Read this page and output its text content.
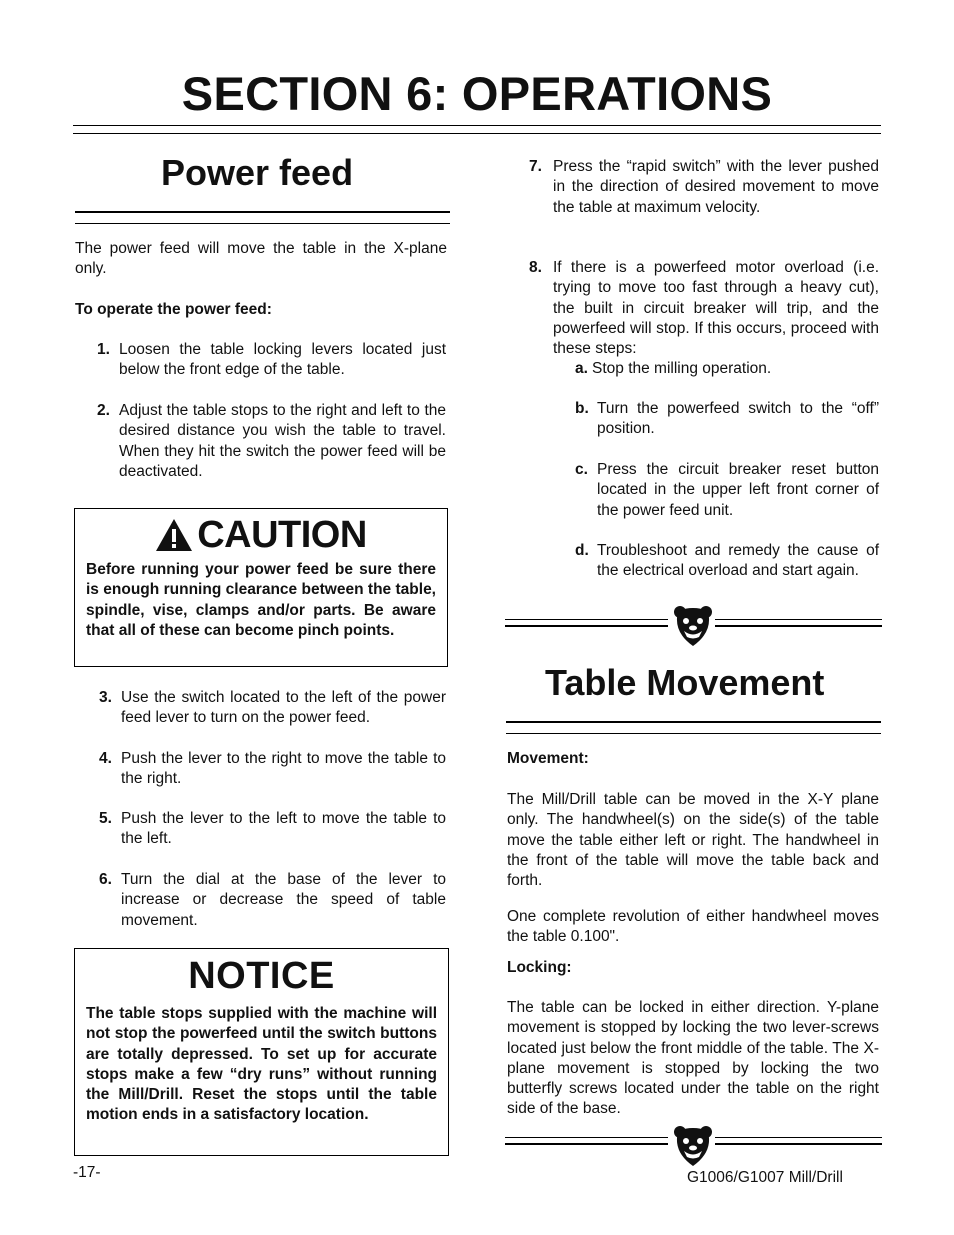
SECTION 6: OPERATIONS
Power feed

The power feed will move the table in the X-plane only.

To operate the power feed:
1. Loosen the table locking levers located just below the front edge of the table.
2. Adjust the table stops to the right and left to the desired distance you wish the table to travel. When they hit the switch the power feed will be deactivated.
CAUTION
Before running your power feed be sure there is enough running clearance between the table, spindle, vise, clamps and/or parts. Be aware that all of these can become pinch points.
3. Use the switch located to the left of the power feed lever to turn on the power feed.
4. Push the lever to the right to move the table to the right.
5. Push the lever to the left to move the table to the left.
6. Turn the dial at the base of the lever to increase or decrease the speed of table movement.
NOTICE
The table stops supplied with the machine will not stop the powerfeed until the switch buttons are totally depressed. To set up for accurate stops make a few “dry runs” without running the Mill/Drill. Reset the stops until the table motion ends in a satisfactory location.
-17-
7. Press the “rapid switch” with the lever pushed in the direction of desired movement to move the table at maximum velocity.
8. If there is a powerfeed motor overload (i.e. trying to move too fast through a heavy cut), the built in circuit breaker will trip, and the powerfeed will stop. If this occurs, proceed with these steps:
a. Stop the milling operation.
b. Turn the powerfeed switch to the “off” position.
c. Press the circuit breaker reset button located in the upper left front corner of the power feed unit.
d. Troubleshoot and remedy the cause of the electrical overload and start again.
Table Movement
Movement:

The Mill/Drill table can be moved in the X-Y plane only. The handwheel(s) on the side(s) of the table move the table either left or right. The handwheel in the front of the table will move the table back and forth.

One complete revolution of either handwheel moves the table 0.100".

Locking:

The table can be locked in either direction. Y-plane movement is stopped by locking the two lever-screws located just below the front middle of the table. The X-plane movement is stopped by locking the two butterfly screws located under the table on the right side of the base.

G1006/G1007 Mill/Drill
